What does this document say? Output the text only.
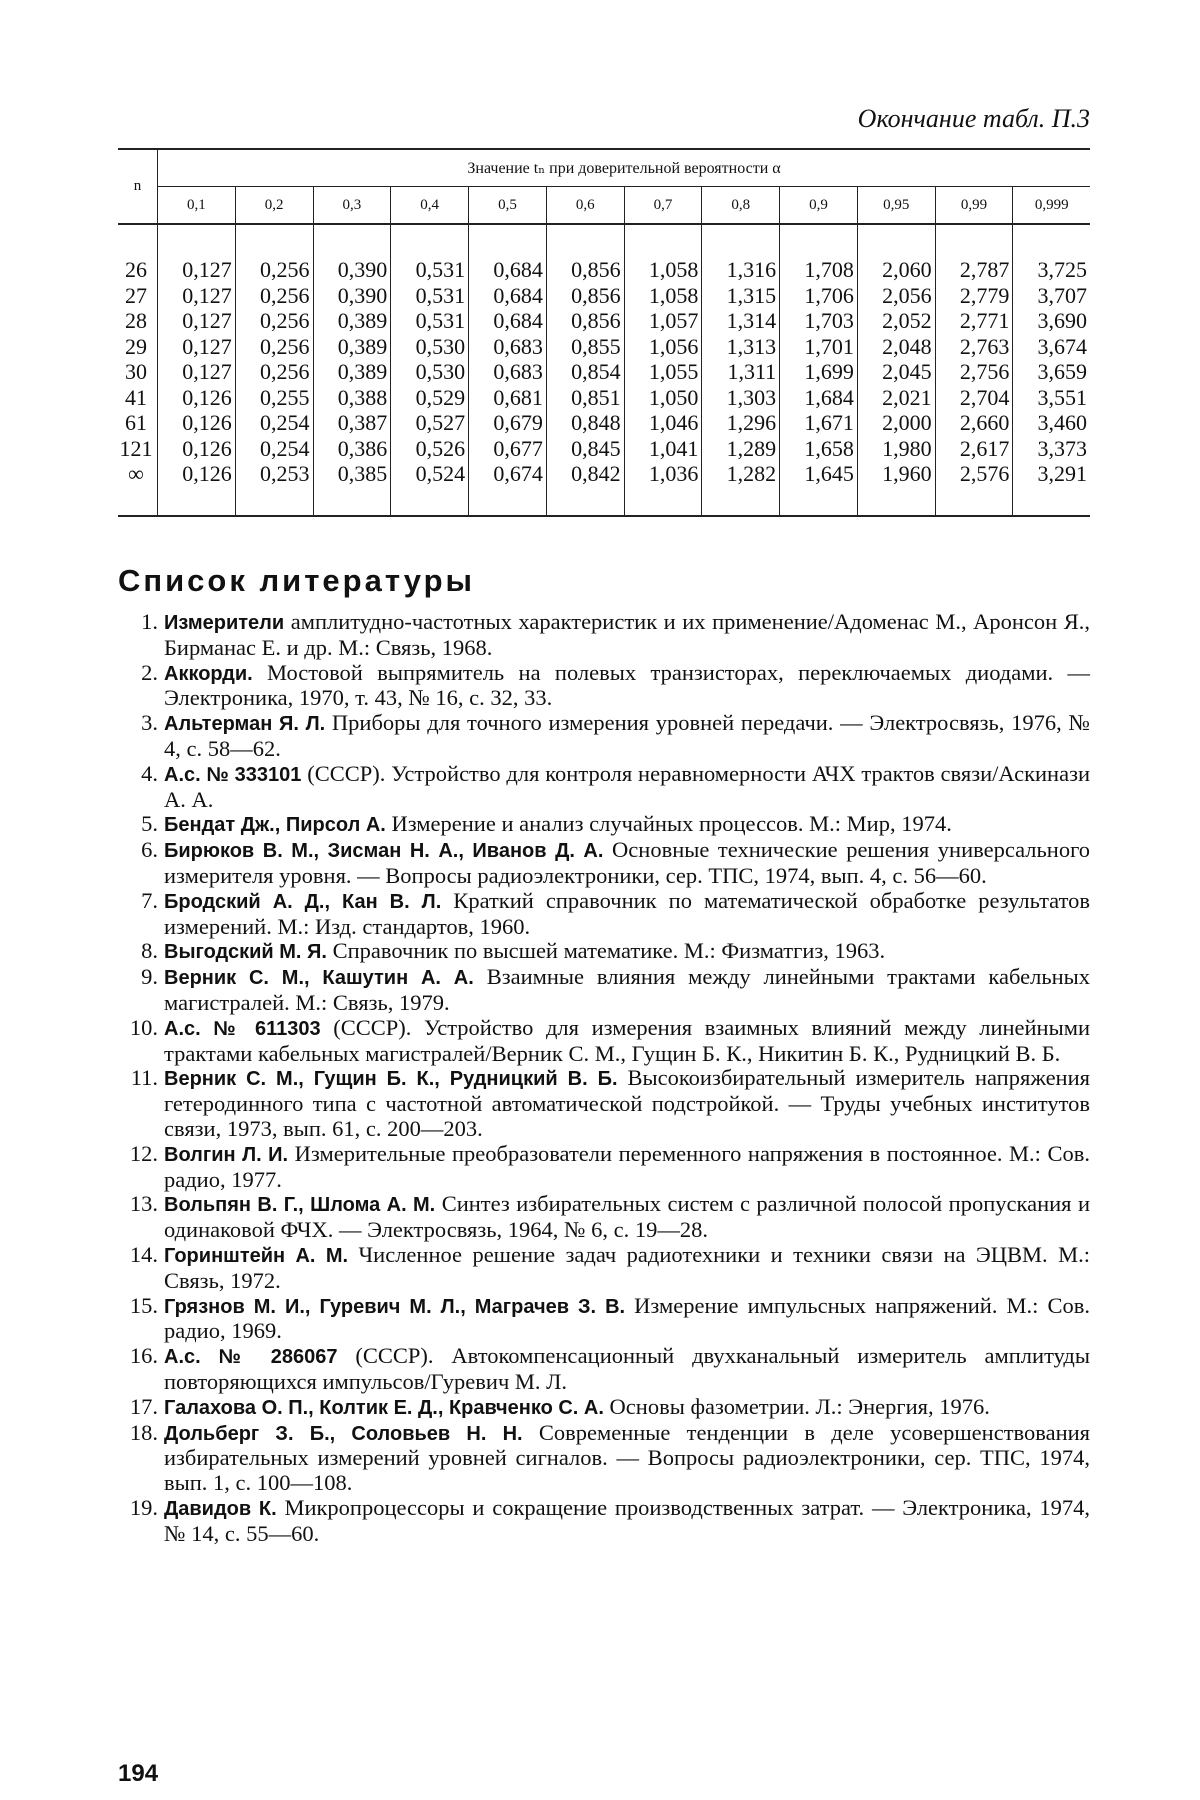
Окончание табл. П.3
n	Значение tₙ при доверительной вероятности α											
	0,1	0,2	0,3	0,4	0,5	0,6	0,7	0,8	0,9	0,95	0,99	0,999

26	0,127	0,256	0,390	0,531	0,684	0,856	1,058	1,316	1,708	2,060	2,787	3,725
27	0,127	0,256	0,390	0,531	0,684	0,856	1,058	1,315	1,706	2,056	2,779	3,707
28	0,127	0,256	0,389	0,531	0,684	0,856	1,057	1,314	1,703	2,052	2,771	3,690
29	0,127	0,256	0,389	0,530	0,683	0,855	1,056	1,313	1,701	2,048	2,763	3,674
30	0,127	0,256	0,389	0,530	0,683	0,854	1,055	1,311	1,699	2,045	2,756	3,659
41	0,126	0,255	0,388	0,529	0,681	0,851	1,050	1,303	1,684	2,021	2,704	3,551
61	0,126	0,254	0,387	0,527	0,679	0,848	1,046	1,296	1,671	2,000	2,660	3,460
121	0,126	0,254	0,386	0,526	0,677	0,845	1,041	1,289	1,658	1,980	2,617	3,373
∞	0,126	0,253	0,385	0,524	0,674	0,842	1,036	1,282	1,645	1,960	2,576	3,291

Список литературы
1. Измерители амплитудно-частотных характеристик и их применение/Адоменас М., Аронсон Я., Бирманас Е. и др. М.: Связь, 1968.
2. Аккорди. Мостовой выпрямитель на полевых транзисторах, переключаемых диодами. — Электроника, 1970, т. 43, № 16, с. 32, 33.
3. Альтерман Я. Л. Приборы для точного измерения уровней передачи. — Электросвязь, 1976, № 4, с. 58—62.
4. А.с. № 333101 (СССР). Устройство для контроля неравномерности АЧХ трактов связи/Аскинази А. А.
5. Бендат Дж., Пирсол А. Измерение и анализ случайных процессов. М.: Мир, 1974.
6. Бирюков В. М., Зисман Н. А., Иванов Д. А. Основные технические решения универсального измерителя уровня. — Вопросы радиоэлектроники, сер. ТПС, 1974, вып. 4, с. 56—60.
7. Бродский А. Д., Кан В. Л. Краткий справочник по математической обработке результатов измерений. М.: Изд. стандартов, 1960.
8. Выгодский М. Я. Справочник по высшей математике. М.: Физматгиз, 1963.
9. Верник С. М., Кашутин А. А. Взаимные влияния между линейными трактами кабельных магистралей. М.: Связь, 1979.
10. А.с. № 611303 (СССР). Устройство для измерения взаимных влияний между линейными трактами кабельных магистралей/Верник С. М., Гущин Б. К., Никитин Б. К., Рудницкий В. Б.
11. Верник С. М., Гущин Б. К., Рудницкий В. Б. Высокоизбирательный измеритель напряжения гетеродинного типа с частотной автоматической подстройкой. — Труды учебных институтов связи, 1973, вып. 61, с. 200—203.
12. Волгин Л. И. Измерительные преобразователи переменного напряжения в постоянное. М.: Сов. радио, 1977.
13. Вольпян В. Г., Шлома А. М. Синтез избирательных систем с различной полосой пропускания и одинаковой ФЧХ. — Электросвязь, 1964, № 6, с. 19—28.
14. Горинштейн А. М. Численное решение задач радиотехники и техники связи на ЭЦВМ. М.: Связь, 1972.
15. Грязнов М. И., Гуревич М. Л., Маграчев З. В. Измерение импульсных напряжений. М.: Сов. радио, 1969.
16. А.с. № 286067 (СССР). Автокомпенсационный двухканальный измеритель амплитуды повторяющихся импульсов/Гуревич М. Л.
17. Галахова О. П., Колтик Е. Д., Кравченко С. А. Основы фазометрии. Л.: Энергия, 1976.
18. Дольберг З. Б., Соловьев Н. Н. Современные тенденции в деле усовершенствования избирательных измерений уровней сигналов. — Вопросы радиоэлектроники, сер. ТПС, 1974, вып. 1, с. 100—108.
19. Давидов К. Микропроцессоры и сокращение производственных затрат. — Электроника, 1974, № 14, с. 55—60.
194
